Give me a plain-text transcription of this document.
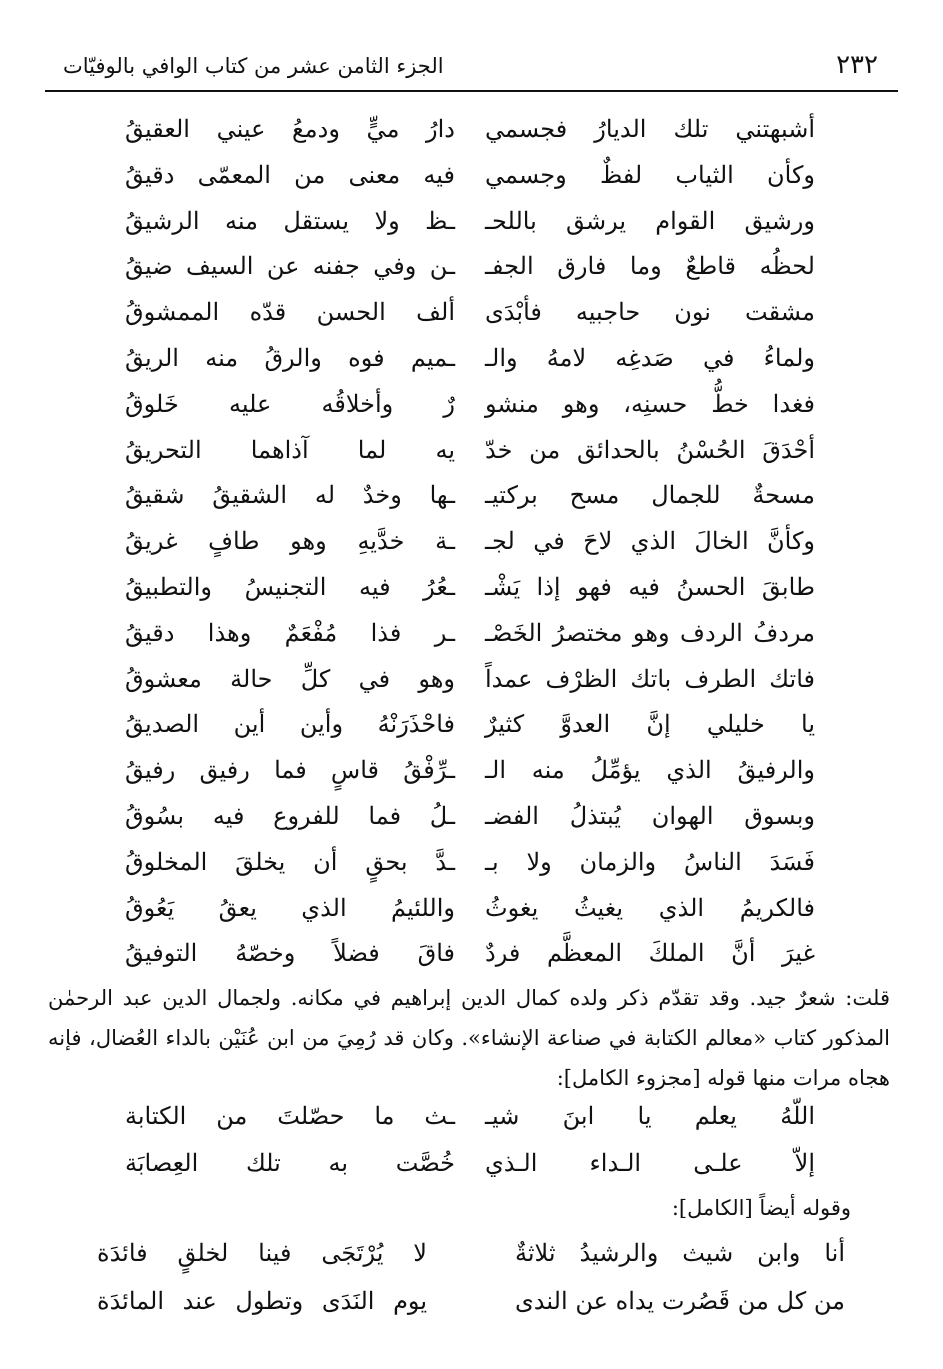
الجزء الثامن عشر من كتاب الوافي بالوفيّات	٢٣٢
أشبهتني تلك الديارُ فجسمي
دارُ ميٍّ ودمعُ عيني العقيقُ
وكأن الثياب لفظٌ وجسمي
فيه معنى من المعمّى دقيقُ
ورشيق القوام يرشق باللحـ
ـظ ولا يستقل منه الرشيقُ
لحظُه قاطعٌ وما فارق الجفـ
ـن وفي جفنه عن السيف ضيقُ
مشقت نون حاجبيه فأبْدَى
ألف الحسن قدّه الممشوقُ
ولماءُ في صَدغِه لامهُ والـ
ـميم فوه والرقُ منه الريقُ
فغدا خطُّ حسنِه، وهو منشو
رٌ وأخلاقُه عليه خَلوقُ
أحْدَقَ الحُسْنُ بالحدائق من خدّ
يه لما آذاهما التحريقُ
مسحةٌ للجمال مسح بركتيـ
ـها وخدٌ له الشقيقُ شقيقُ
وكأنَّ الخالَ الذي لاحَ في لجـ
ـة خدَّيهِ وهو طافٍ غريقُ
طابقَ الحسنُ فيه فهو إذا يَشْـ
ـعُرُ فيه التجنيسُ والتطبيقُ
مردفُ الردف وهو مختصرُ الخَصْـ
ـر فذا مُفْعَمٌ وهذا دقيقُ
فاتك الطرف باتك الظرْف عمداً
وهو في كلِّ حالة معشوقُ
يا خليلي إنَّ العدوَّ كثيرٌ
فاحْذَرَنْهُ وأين أين الصديقُ
والرفيقُ الذي يؤمِّلُ منه الـ
ـرِّفْقُ قاسٍ فما رفيق رفيقُ
وبسوق الهوان يُبتذلُ الفضـ
ـلُ فما للفروع فيه بسُوقُ
فَسَدَ الناسُ والزمان ولا بـ
ـدَّ بحقٍ أن يخلقَ المخلوقُ
فالكريمُ الذي يغيثُ يغوثُ
واللئيمُ الذي يعقُ يَعُوقُ
غيرَ أنَّ الملكَ المعظَّم فردٌ
فاقَ فضلاً وخصّهُ التوفيقُ
قلت: شعرٌ جيد. وقد تقدّم ذكر ولده كمال الدين إبراهيم في مكانه. ولجمال الدين عبد الرحمٰن المذكور كتاب «معالم الكتابة في صناعة الإنشاء». وكان قد رُمِيَ من ابن عُنَيْن بالداء العُضال، فإنه هجاه مرات منها قوله [مجزوء الكامل]:
اللّهُ يعلم يا ابنَ شيـ
ـث ما حصّلتَ من الكتابة
إلاّ علـى الـداء الـذي
خُصَّت به تلك العِصابَة
وقوله أيضاً [الكامل]:
أنا وابن شيث والرشيدُ ثلاثةٌ
لا يُرْتَجَى فينا لخلقٍ فائدَة
من كل من قَصُرت يداه عن الندى
يوم النَدَى وتطول عند المائدَة
